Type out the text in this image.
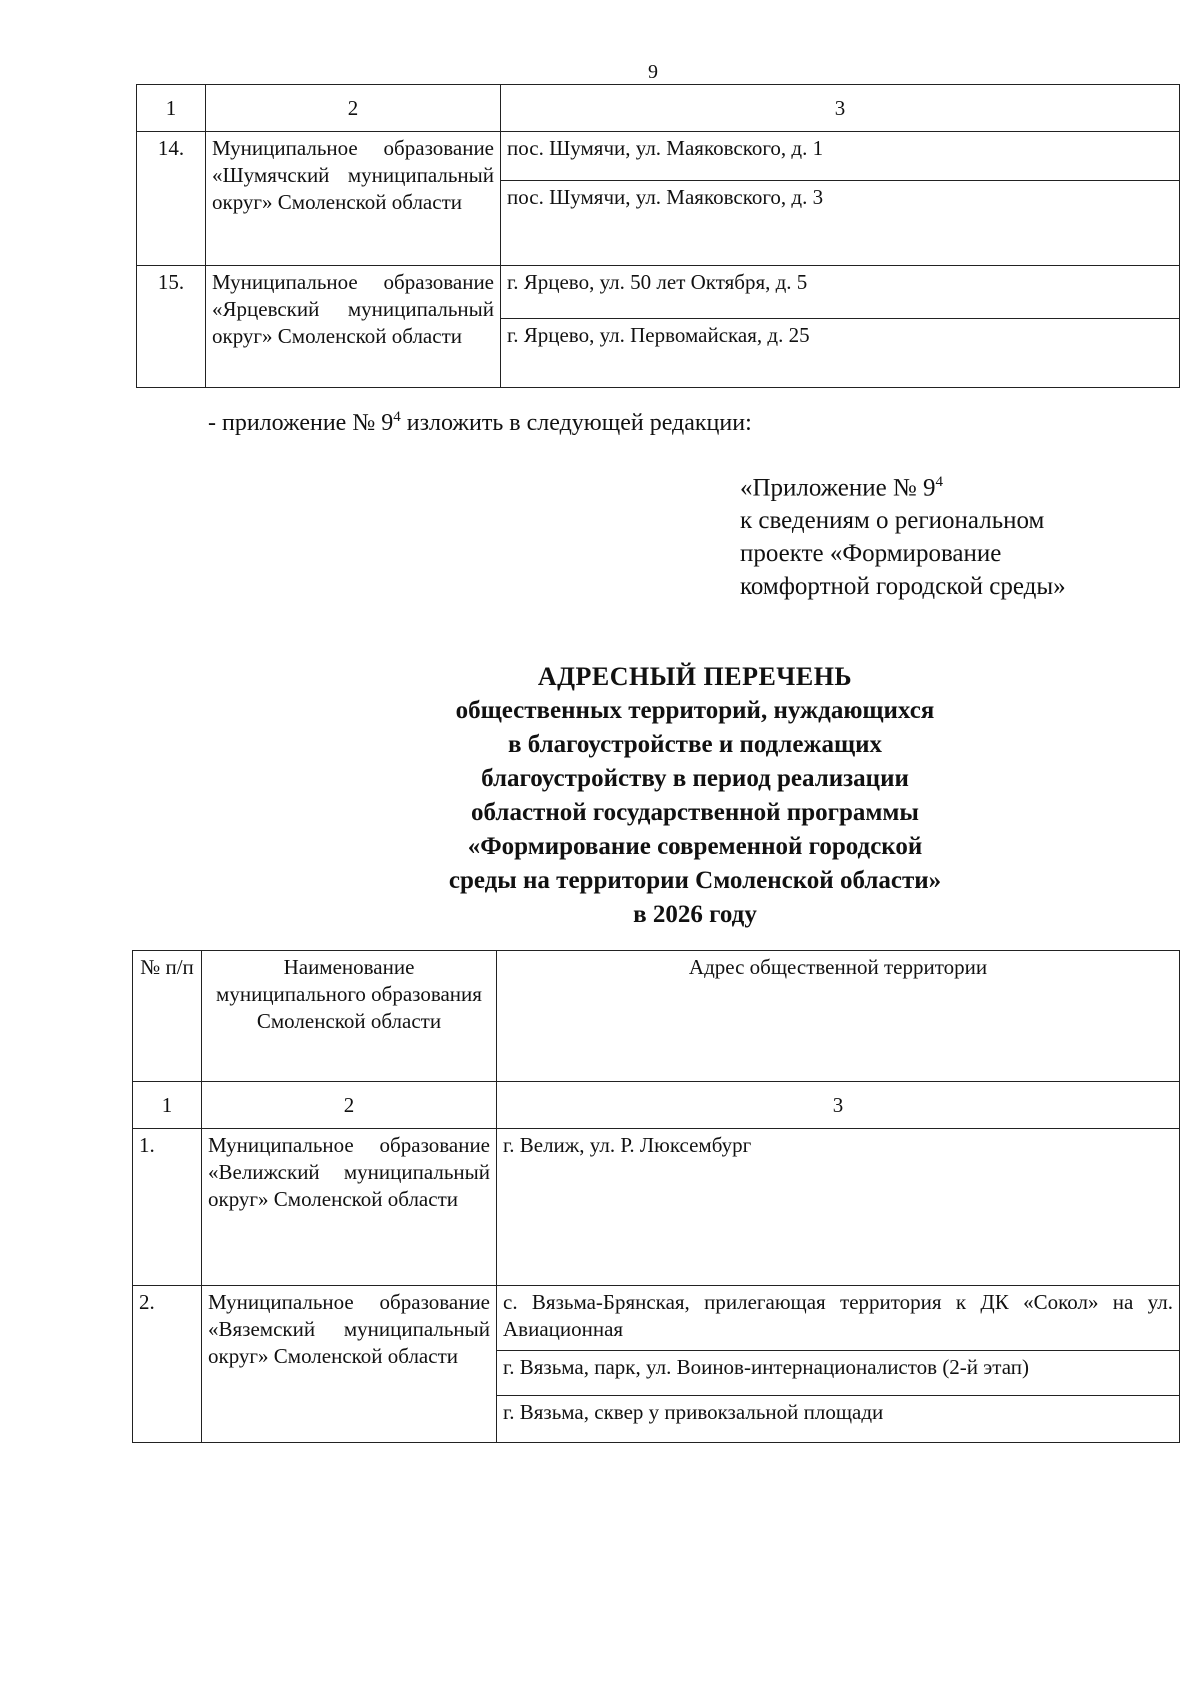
9
1	2	3
14.	Муниципальное образование «Шумячский муниципальный округ» Смоленской области	пос. Шумячи, ул. Маяковского, д. 1
		пос. Шумячи, ул. Маяковского, д. 3
15.	Муниципальное образование «Ярцевский муниципальный округ» Смоленской области	г. Ярцево, ул. 50 лет Октября, д. 5
		г. Ярцево, ул. Первомайская, д. 25
- приложение № $9^4$ изложить в следующей редакции:
«Приложение № $9^4$
к сведениям о региональном
проекте «Формирование
комфортной городской среды»
АДРЕСНЫЙ ПЕРЕЧЕНЬ
общественных территорий, нуждающихся
в благоустройстве и подлежащих
благоустройству в период реализации
областной государственной программы
«Формирование современной городской
среды на территории Смоленской области»
в 2026 году
№ п/п	Наименование муниципального образования Смоленской области	Адрес общественной территории
1	2	3
1.	Муниципальное образование «Велижский муниципальный округ» Смоленской области	г. Велиж, ул. Р. Люксембург
2.	Муниципальное образование «Вяземский муниципальный округ» Смоленской области	с. Вязьма-Брянская, прилегающая территория к ДК «Сокол» на ул. Авиационная
		г. Вязьма, парк, ул. Воинов-интернационалистов (2-й этап)
		г. Вязьма, сквер у привокзальной площади
